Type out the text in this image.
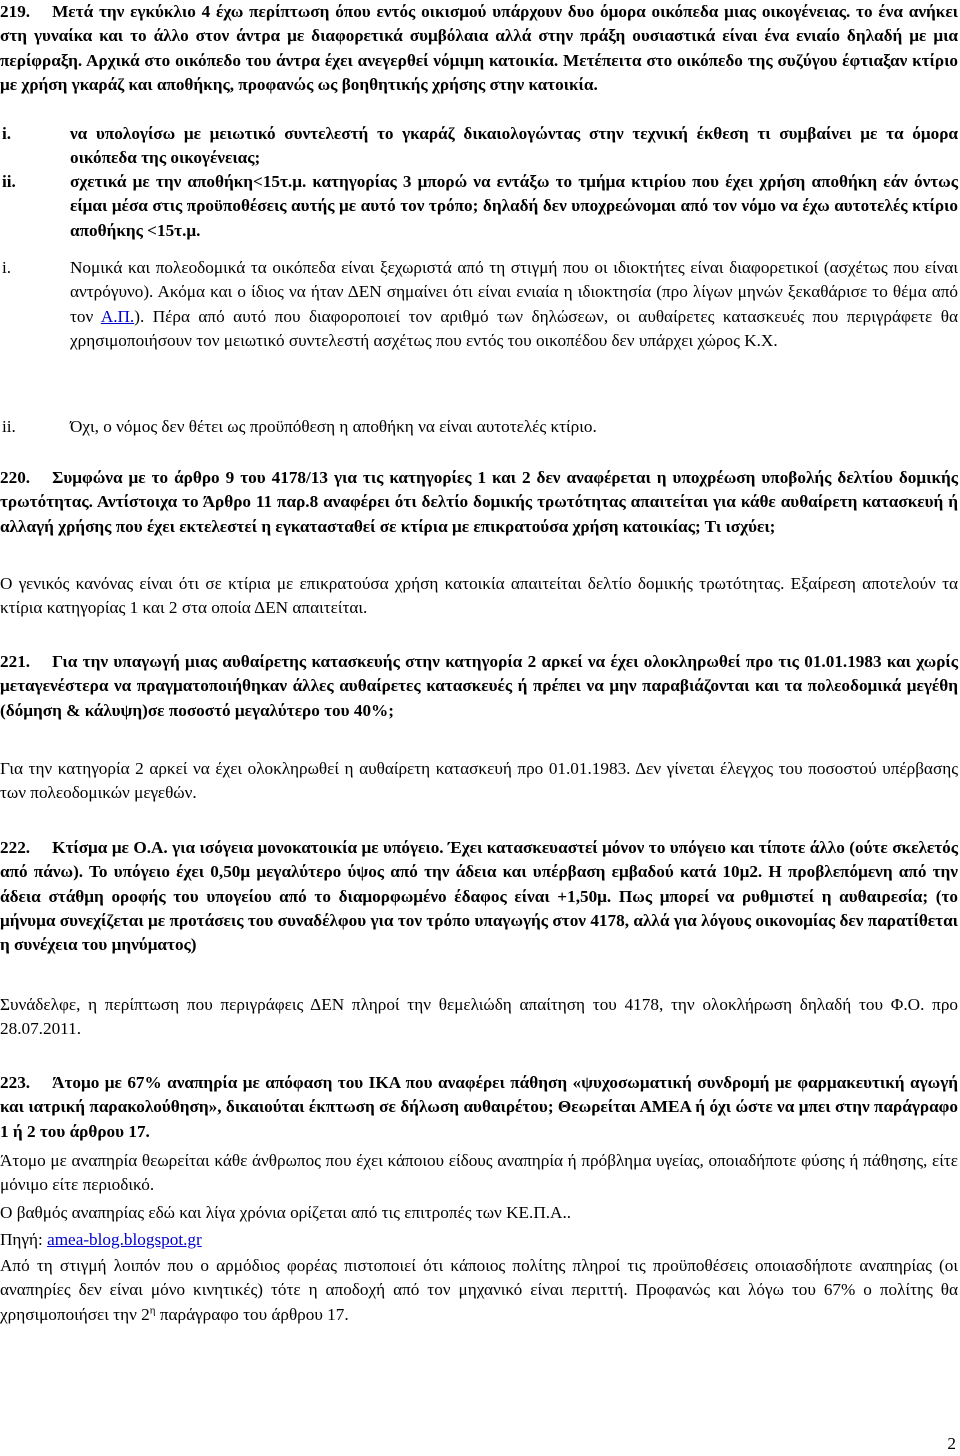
219. Μετά την εγκύκλιο 4 έχω περίπτωση όπου εντός οικισμού υπάρχουν δυο όμορα οικόπεδα μιας οικογένειας. το ένα ανήκει στη γυναίκα και το άλλο στον άντρα με διαφορετικά συμβόλαια αλλά στην πράξη ουσιαστικά είναι ένα ενιαίο δηλαδή με μια περίφραξη. Αρχικά στο οικόπεδο του άντρα έχει ανεγερθεί νόμιμη κατοικία. Μετέπειτα στο οικόπεδο της συζύγου έφτιαξαν κτίριο με χρήση γκαράζ και αποθήκης, προφανώς ως βοηθητικής χρήσης στην κατοικία.

i.	να υπολογίσω με μειωτικό συντελεστή το γκαράζ δικαιολογώντας στην τεχνική έκθεση τι συμβαίνει με τα όμορα οικόπεδα της οικογένειας;

ii.	σχετικά με την αποθήκη<15τ.μ. κατηγορίας 3 μπορώ να εντάξω το τμήμα κτιρίου που έχει χρήση αποθήκη εάν όντως είμαι μέσα στις προϋποθέσεις αυτής με αυτό τον τρόπο; δηλαδή δεν υποχρεώνομαι από τον νόμο να έχω αυτοτελές κτίριο αποθήκης <15τ.μ.

i.	Νομικά και πολεοδομικά τα οικόπεδα είναι ξεχωριστά από τη στιγμή που οι ιδιοκτήτες είναι διαφορετικοί (ασχέτως που είναι αντρόγυνο). Ακόμα και ο ίδιος να ήταν ΔΕΝ σημαίνει ότι είναι ενιαία η ιδιοκτησία (προ λίγων μηνών ξεκαθάρισε το θέμα από τον Α.Π.). Πέρα από αυτό που διαφοροποιεί τον αριθμό των δηλώσεων, οι αυθαίρετες κατασκευές που περιγράφετε θα χρησιμοποιήσουν τον μειωτικό συντελεστή ασχέτως που εντός του οικοπέδου δεν υπάρχει χώρος Κ.Χ.

ii.	Όχι, ο νόμος δεν θέτει ως προϋπόθεση η αποθήκη να είναι αυτοτελές κτίριο.

220. Συμφώνα με το άρθρο 9 του 4178/13 για τις κατηγορίες 1 και 2 δεν αναφέρεται η υποχρέωση υποβολής δελτίου δομικής τρωτότητας. Αντίστοιχα το Άρθρο 11 παρ.8 αναφέρει ότι δελτίο δομικής τρωτότητας απαιτείται για κάθε αυθαίρετη κατασκευή ή αλλαγή χρήσης που έχει εκτελεστεί η εγκατασταθεί σε κτίρια με επικρατούσα χρήση κατοικίας; Τι ισχύει;

Ο γενικός κανόνας είναι ότι σε κτίρια με επικρατούσα χρήση κατοικία απαιτείται δελτίο δομικής τρωτότητας. Εξαίρεση αποτελούν τα κτίρια κατηγορίας 1 και 2 στα οποία ΔΕΝ απαιτείται.

221. Για την υπαγωγή μιας αυθαίρετης κατασκευής στην κατηγορία 2 αρκεί να έχει ολοκληρωθεί προ τις 01.01.1983 και χωρίς μεταγενέστερα να πραγματοποιήθηκαν άλλες αυθαίρετες κατασκευές ή πρέπει να μην παραβιάζονται και τα πολεοδομικά μεγέθη (δόμηση & κάλυψη)σε ποσοστό μεγαλύτερο του 40%;

Για την κατηγορία 2 αρκεί να έχει ολοκληρωθεί η αυθαίρετη κατασκευή προ 01.01.1983. Δεν γίνεται έλεγχος του ποσοστού υπέρβασης των πολεοδομικών μεγεθών.

222. Κτίσμα με Ο.Α. για ισόγεια μονοκατοικία με υπόγειο. Έχει κατασκευαστεί μόνον το υπόγειο και τίποτε άλλο (ούτε σκελετός από πάνω). Το υπόγειο έχει 0,50μ μεγαλύτερο ύψος από την άδεια και υπέρβαση εμβαδού κατά 10μ2. Η προβλεπόμενη από την άδεια στάθμη οροφής του υπογείου από το διαμορφωμένο έδαφος είναι +1,50μ. Πως μπορεί να ρυθμιστεί η αυθαιρεσία; (το μήνυμα συνεχίζεται με προτάσεις του συναδέλφου για τον τρόπο υπαγωγής στον 4178, αλλά για λόγους οικονομίας δεν παρατίθεται η συνέχεια του μηνύματος)

Συνάδελφε, η περίπτωση που περιγράφεις ΔΕΝ πληροί την θεμελιώδη απαίτηση του 4178, την ολοκλήρωση δηλαδή του Φ.Ο. προ 28.07.2011.

223. Άτομο με 67% αναπηρία με απόφαση του ΙΚΑ που αναφέρει πάθηση «ψυχοσωματική συνδρομή με φαρμακευτική αγωγή και ιατρική παρακολούθηση», δικαιούται έκπτωση σε δήλωση αυθαιρέτου; Θεωρείται ΑΜΕΑ ή όχι ώστε να μπει στην παράγραφο 1 ή 2 του άρθρου 17.

Άτομο με αναπηρία θεωρείται κάθε άνθρωπος που έχει κάποιου είδους αναπηρία ή πρόβλημα υγείας, οποιαδήποτε φύσης ή πάθησης, είτε μόνιμο είτε περιοδικό.

Ο βαθμός αναπηρίας εδώ και λίγα χρόνια ορίζεται από τις επιτροπές των ΚΕ.Π.Α..

Πηγή: amea-blog.blogspot.gr

Από τη στιγμή λοιπόν που ο αρμόδιος φορέας πιστοποιεί ότι κάποιος πολίτης πληροί τις προϋποθέσεις οποιασδήποτε αναπηρίας (οι αναπηρίες δεν είναι μόνο κινητικές) τότε η αποδοχή από τον μηχανικό είναι περιττή. Προφανώς και λόγω του 67% ο πολίτης θα χρησιμοποιήσει την $2^\eta$ παράγραφο του άρθρου 17.

2
